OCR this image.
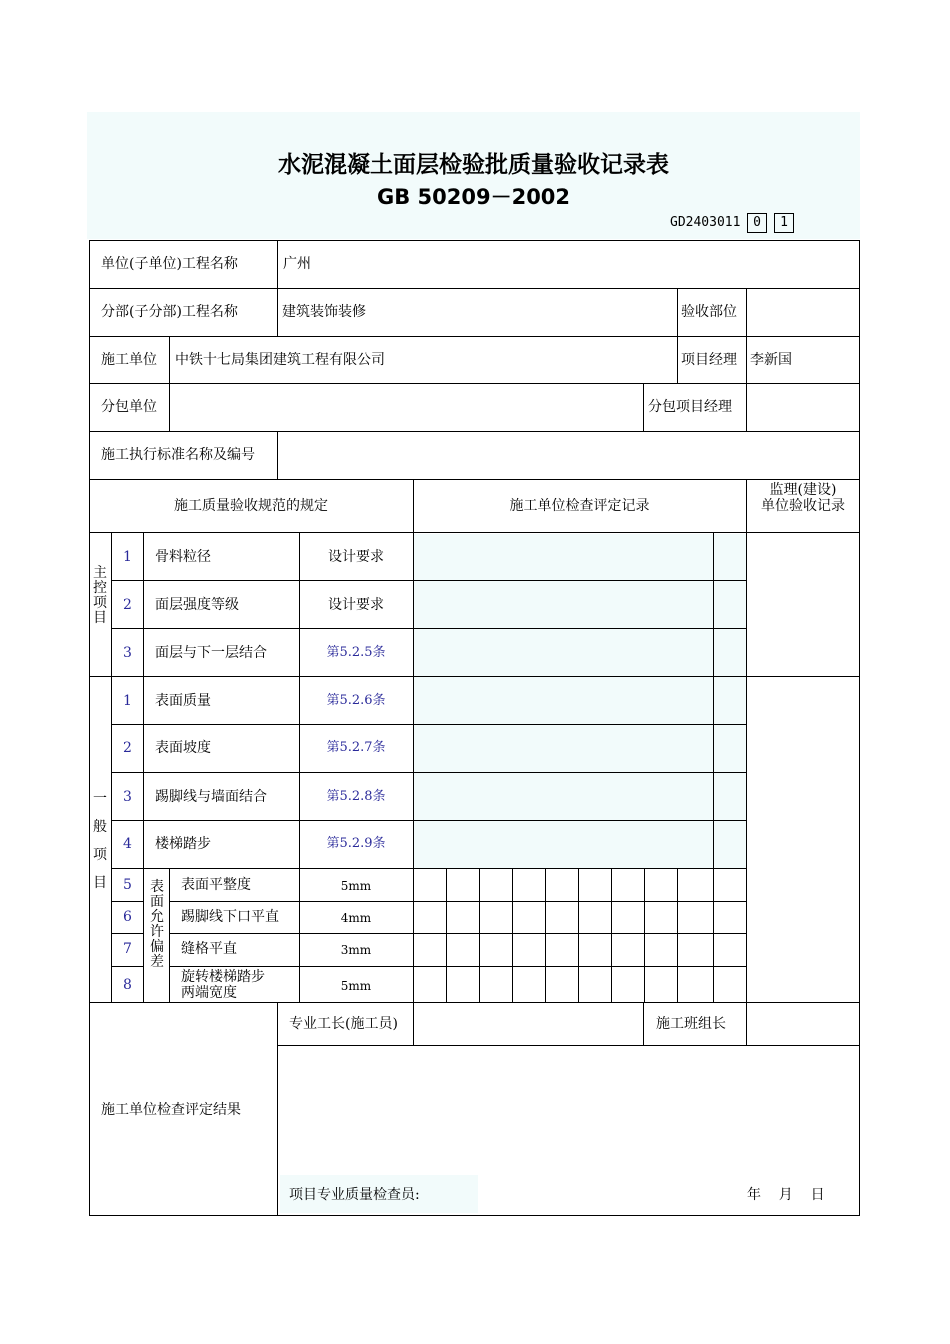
水泥混凝土面层检验批质量验收记录表
GB 50209－2002
GD2403011 0	1
单位(子单位)工程名称	广州
分部(子分部)工程名称	建筑装饰装修	验收部位
施工单位 中铁十七局集团建筑工程有限公司	项目经理 李新国
分包单位	分包项目经理
施工执行标准名称及编号
施工质量验收规范的规定	施工单位检查评定记录
监理(建设)
单位验收记录
主控项目
一般项目	表面允许偏差
1	骨料粒径	设计要求
2	面层强度等级	设计要求
3	面层与下一层结合	第5.2.5条
1	表面质量	第5.2.6条
2	表面坡度	第5.2.7条
3	踢脚线与墙面结合	第5.2.8条
4	楼梯踏步	第5.2.9条
5	表面平整度	5mm
6	踢脚线下口平直	4mm
7	缝格平直	3mm
8	旋转楼梯踏步
两端宽度	5mm
施工单位检查评定结果
专业工长(施工员)	施工班组长
项目专业质量检查员:	年    月    日
